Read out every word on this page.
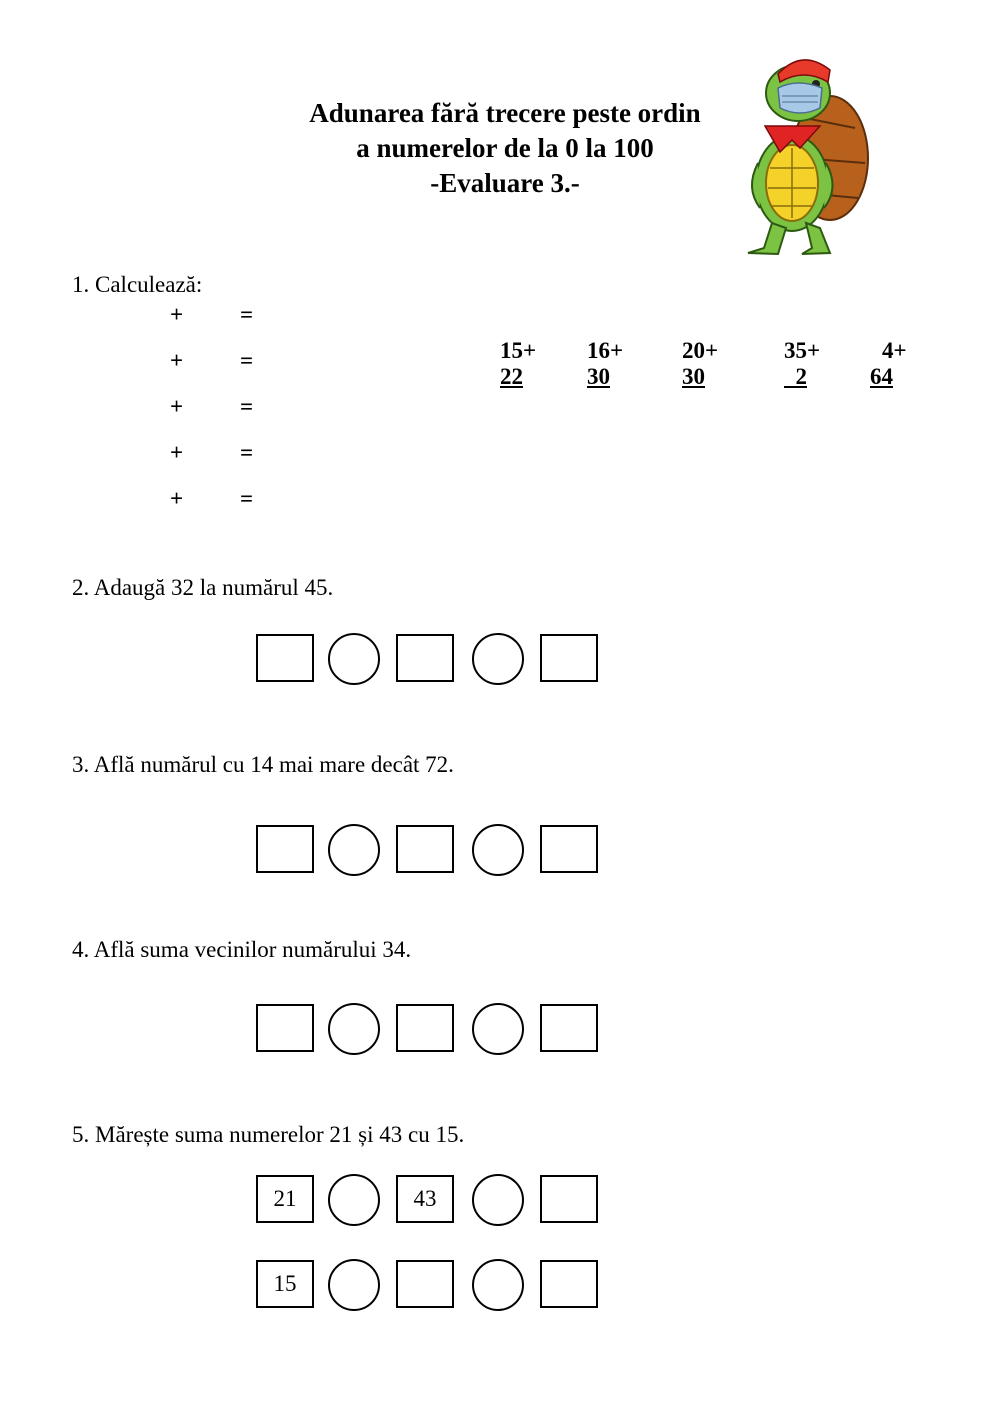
Adunarea fără trecere peste ordin
a numerelor de la 0 la 100
-Evaluare 3.-
1. Calculează:
+ =
+ =
+ =
+ =
+ =
15+
22
16+
30
20+
30
35+
2
4+
64
2. Adaugă 32 la numărul 45.
3. Află numărul cu 14 mai mare decât 72.
4. Află suma vecinilor numărului 34.
5. Mărește suma numerelor 21 și 43 cu 15.
21	43
15
